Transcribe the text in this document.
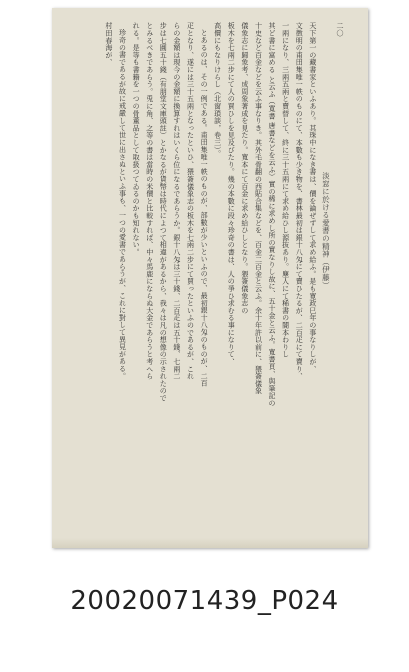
二〇
淡窓に於ける愛書の精神（伊藤）
天下第一の藏書家といふあり。其珠中になき書は、價を論ぜずして求め給ふ。是も寛政巳年の事なりしが、
文徴明の甫田集唯一帙のものにて、本數も少き物を、書林最初は銀十八匁にて賣ひたるが、二百疋にて賣り、
一兩になり、三兩五兩と賣替して、終に三十五兩にて求め給ひし源抜あり。塵人にて稀書の闇本わりし
其ど書に富める と云ふ（寬書 唐書などを云ふ）實の稀に求めし所の實なりし故に、五十金と云ふ。寬書頁、與筆記の
十史など百金などを云ふ事なりき。其外毛骨翻の西貼合集などを、百金二百金と云ふ。余十年許以前に、猥簽儀象
儀象志に歸象考、成周象著成を見たり。寬本にて百金に求め給ひしとなり。猥簽儀象志の
板木を七兩二步にて人の買ひしを見及びたり。幾の本數に段々珍奇の書は、人の爭ひ求むる事になりて、
高價にもなりけらし（北窗瑣談，卷三）。
とあるのは、その一例である。甫田集唯一帙のものが、部數が少いといふので、最初銀十八匁のものが、二百
疋となり、遂には三十五兩となったといひ、猥簽儀象志の板木を七兩二步にて買ったといふのであるが、これ
らの金額は現今の金額に換算すれはいくら位になるであらうか。銀十八匁は三十錢、二百疋は五十錢、七兩二
步は七圓五十錢（有朋堂文庫頭註）とかなるが貨幣は時代によつて相違があるから、我々は凡の想像の示されたので
とみるべきであらう。兎に角、之等の書は當時の米價と比較すれば、中々馬鹿にならぬ大金であらうと考へら
れる。是等も書籍を一つの骨董品として取扱つてゐるのかも知れない。
珍奇の書であるが故に戒嚴して世に出さぬといふ事も、一つの愛書であらうが、これに對して異見がある。
村田春海が、
20020071439_P024
